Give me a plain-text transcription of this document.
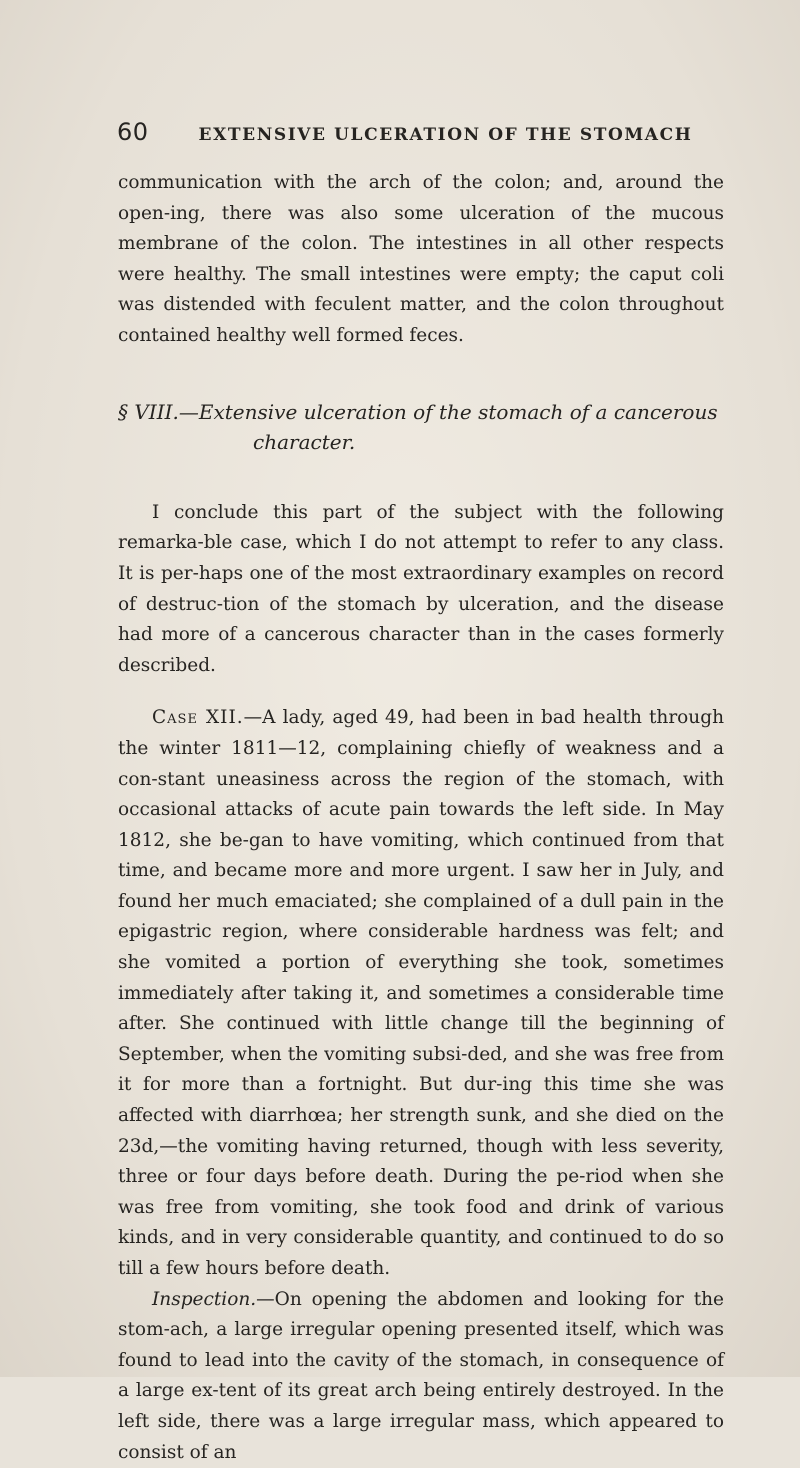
60	EXTENSIVE ULCERATION OF THE STOMACH

communication with the arch of the colon; and, around the open-ing, there was also some ulceration of the mucous membrane of the colon. The intestines in all other respects were healthy. The small intestines were empty; the caput coli was distended with feculent matter, and the colon throughout contained healthy well formed feces.

§ VIII.—Extensive ulceration of the stomach of a cancerous character.

I conclude this part of the subject with the following remarka-ble case, which I do not attempt to refer to any class. It is per-haps one of the most extraordinary examples on record of destruc-tion of the stomach by ulceration, and the disease had more of a cancerous character than in the cases formerly described.

Case XII.—A lady, aged 49, had been in bad health through the winter 1811—12, complaining chiefly of weakness and a con-stant uneasiness across the region of the stomach, with occasional attacks of acute pain towards the left side. In May 1812, she be-gan to have vomiting, which continued from that time, and became more and more urgent. I saw her in July, and found her much emaciated; she complained of a dull pain in the epigastric region, where considerable hardness was felt; and she vomited a portion of everything she took, sometimes immediately after taking it, and sometimes a considerable time after. She continued with little change till the beginning of September, when the vomiting subsi-ded, and she was free from it for more than a fortnight. But dur-ing this time she was affected with diarrhœa; her strength sunk, and she died on the 23d,—the vomiting having returned, though with less severity, three or four days before death. During the pe-riod when she was free from vomiting, she took food and drink of various kinds, and in very considerable quantity, and continued to do so till a few hours before death.

Inspection.—On opening the abdomen and looking for the stom-ach, a large irregular opening presented itself, which was found to lead into the cavity of the stomach, in consequence of a large ex-tent of its great arch being entirely destroyed. In the left side, there was a large irregular mass, which appeared to consist of an
